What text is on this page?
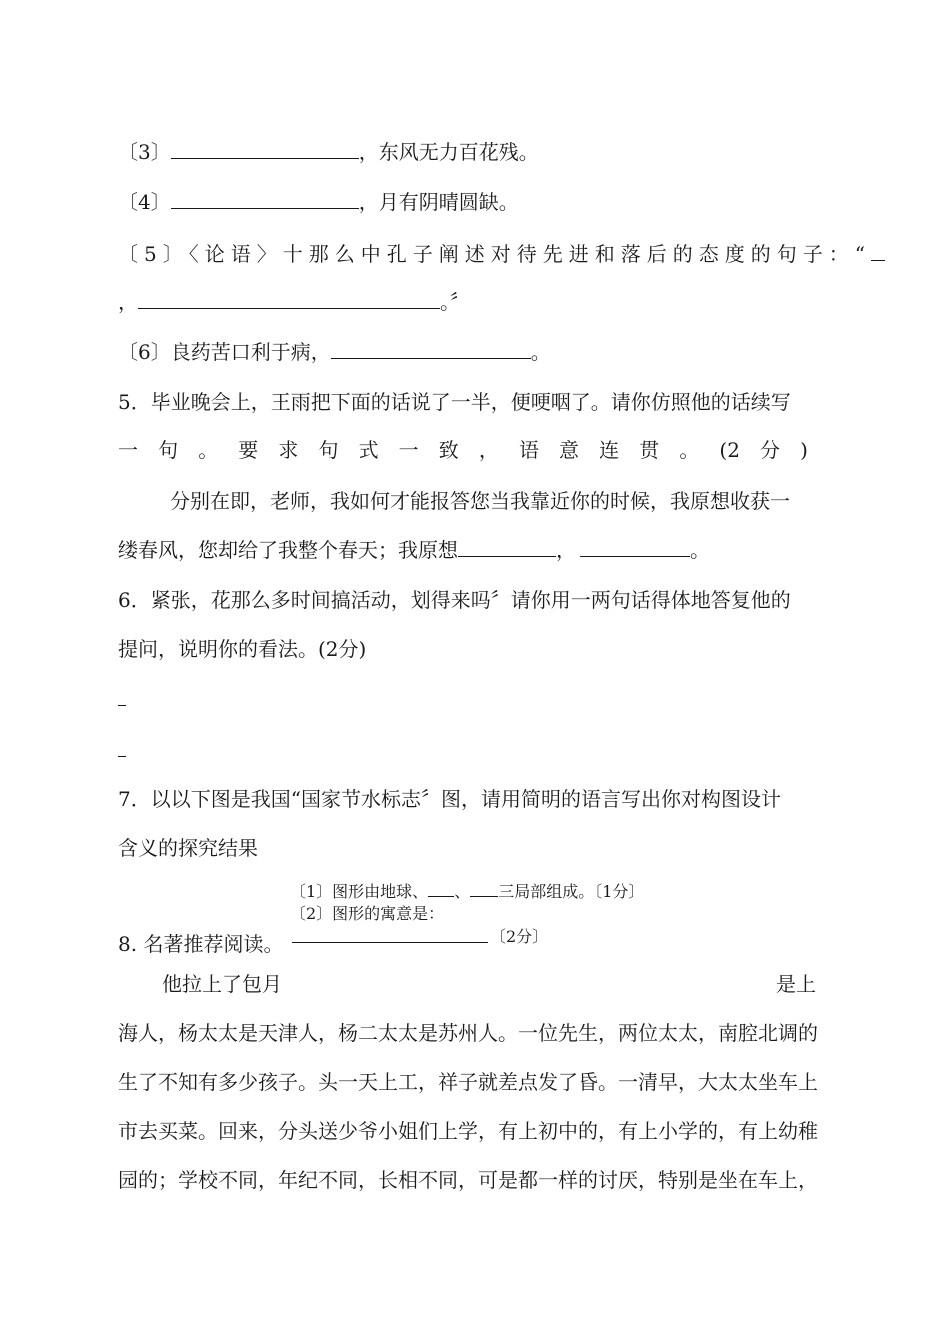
〔3〕	，东风无力百花残。
〔4〕	，月有阴晴圆缺。
〔5〕〈论语〉十那么中孔子阐述对待先进和落后的态度的句子：“
，	。〞
〔6〕良药苦口利于病，	。
5．毕业晚会上，王雨把下面的话说了一半，便哽咽了。请你仿照他的话续写
一 句 。 要 求 句 式 一 致 ， 语 意 连 贯 。 (2 分 )
分别在即，老师，我如何才能报答您当我靠近你的时候，我原想收获一
缕春风，您却给了我整个春天；我原想	，	。
6．紧张，花那么多时间搞活动，划得来吗〞请你用一两句话得体地答复他的
提问，说明你的看法。(2分)
7．以以下图是我国“国家节水标志〞图，请用简明的语言写出你对构图设计
含义的探究结果
〔1〕图形由地球、 、 三局部组成。〔1分〕
〔2〕图形的寓意是：
8. 名著推荐阅读。	〔2分〕
他拉上了包月	是上
海人，杨太太是天津人，杨二太太是苏州人。一位先生，两位太太，南腔北调的
生了不知有多少孩子。头一天上工，祥子就差点发了昏。一清早，大太太坐车上
市去买菜。回来，分头送少爷小姐们上学，有上初中的，有上小学的，有上幼稚
园的；学校不同，年纪不同，长相不同，可是都一样的讨厌，特别是坐在车上，
